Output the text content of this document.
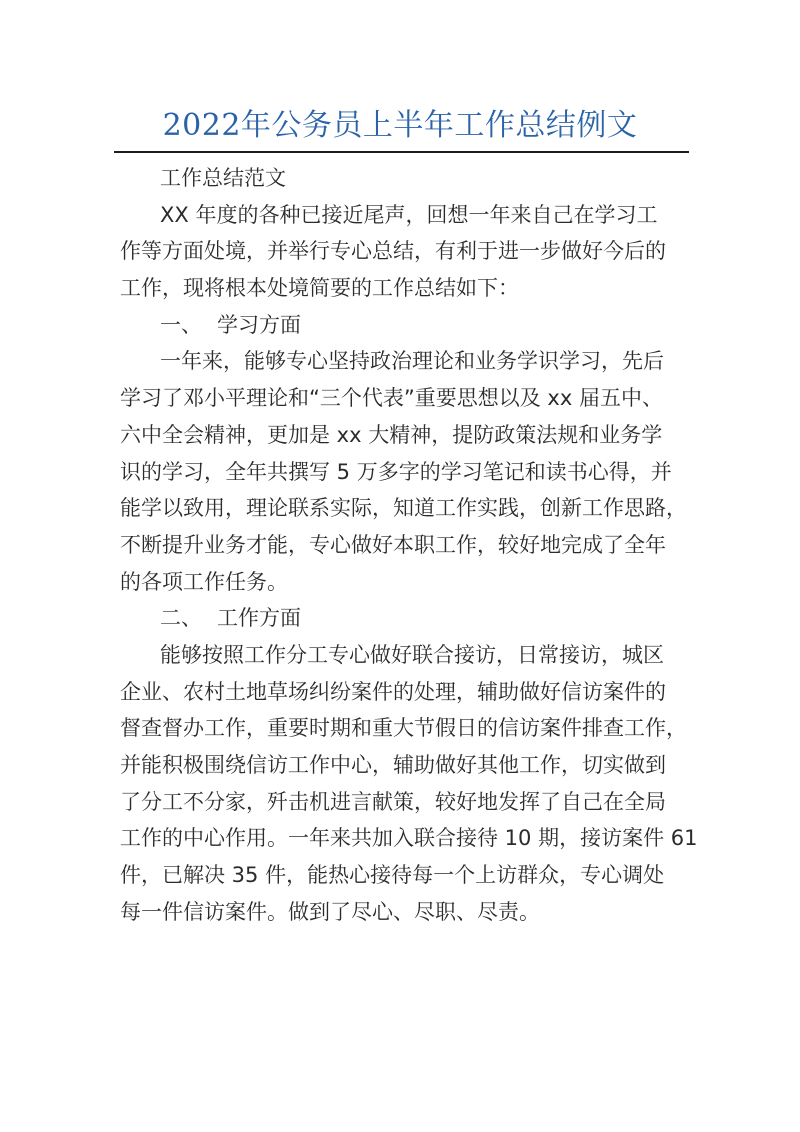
2022年公务员上半年工作总结例文
工作总结范文
XX 年度的各种已接近尾声，回想一年来自己在学习工
作等方面处境，并举行专心总结，有利于进一步做好今后的
工作，现将根本处境简要的工作总结如下：
一、 学习方面
一年来，能够专心坚持政治理论和业务学识学习，先后
学习了邓小平理论和“三个代表”重要思想以及 xx 届五中、
六中全会精神，更加是 xx 大精神，提防政策法规和业务学
识的学习，全年共撰写 5 万多字的学习笔记和读书心得，并
能学以致用，理论联系实际，知道工作实践，创新工作思路，
不断提升业务才能，专心做好本职工作，较好地完成了全年
的各项工作任务。
二、 工作方面
能够按照工作分工专心做好联合接访，日常接访，城区
企业、农村土地草场纠纷案件的处理，辅助做好信访案件的
督查督办工作，重要时期和重大节假日的信访案件排查工作，
并能积极围绕信访工作中心，辅助做好其他工作，切实做到
了分工不分家，歼击机进言献策，较好地发挥了自己在全局
工作的中心作用。一年来共加入联合接待 10 期，接访案件 61
件，已解决 35 件，能热心接待每一个上访群众，专心调处
每一件信访案件。做到了尽心、尽职、尽责。
